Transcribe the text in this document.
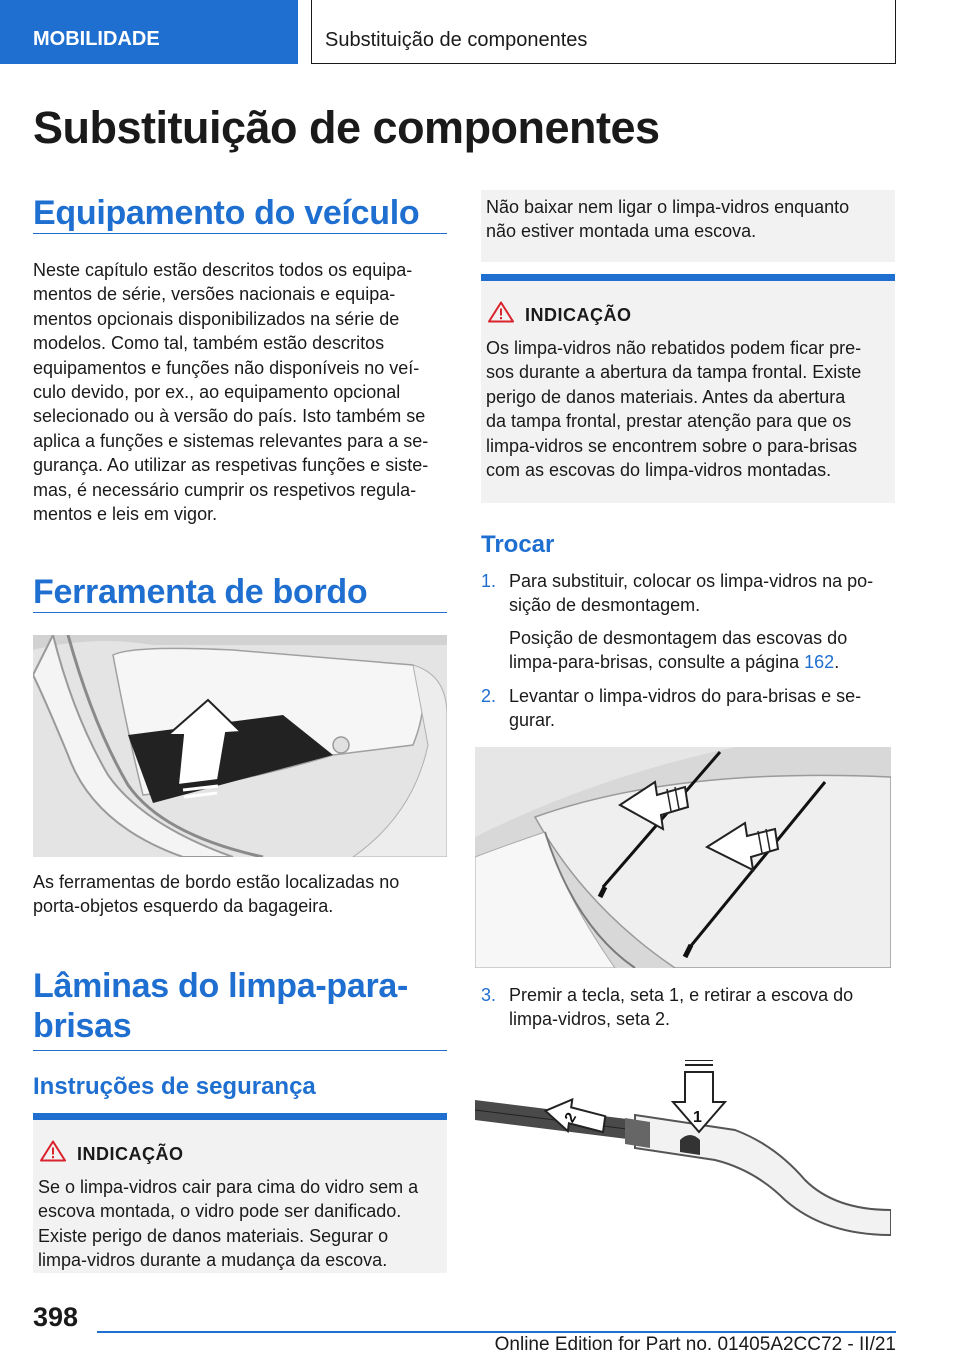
MOBILIDADE	Substituição de componentes
Substituição de componentes
Equipamento do veículo
Neste capítulo estão descritos todos os equipa‐
mentos de série, versões nacionais e equipa‐
mentos opcionais disponibilizados na série de
modelos. Como tal, também estão descritos
equipamentos e funções não disponíveis no veí‐
culo devido, por ex., ao equipamento opcional
selecionado ou à versão do país. Isto também se
aplica a funções e sistemas relevantes para a se‐
gurança. Ao utilizar as respetivas funções e siste‐
mas, é necessário cumprir os respetivos regula‐
mentos e leis em vigor.
Ferramenta de bordo
As ferramentas de bordo estão localizadas no
porta-objetos esquerdo da bagageira.
Lâminas do limpa-para-
brisas
Instruções de segurança
INDICAÇÃO
Se o limpa-vidros cair para cima do vidro sem a
escova montada, o vidro pode ser danificado.
Existe perigo de danos materiais. Segurar o
limpa-vidros durante a mudança da escova.
Não baixar nem ligar o limpa-vidros enquanto
não estiver montada uma escova.
INDICAÇÃO
Os limpa-vidros não rebatidos podem ficar pre‐
sos durante a abertura da tampa frontal. Existe
perigo de danos materiais. Antes da abertura
da tampa frontal, prestar atenção para que os
limpa-vidros se encontrem sobre o para-brisas
com as escovas do limpa-vidros montadas.
Trocar
1. Para substituir, colocar os limpa-vidros na po‐
sição de desmontagem.
Posição de desmontagem das escovas do
limpa-para-brisas, consulte a página 162.
2. Levantar o limpa-vidros do para-brisas e se‐
gurar.
3. Premir a tecla, seta 1, e retirar a escova do
limpa-vidros, seta 2.
1
2
398
Online Edition for Part no. 01405A2CC72 - II/21
